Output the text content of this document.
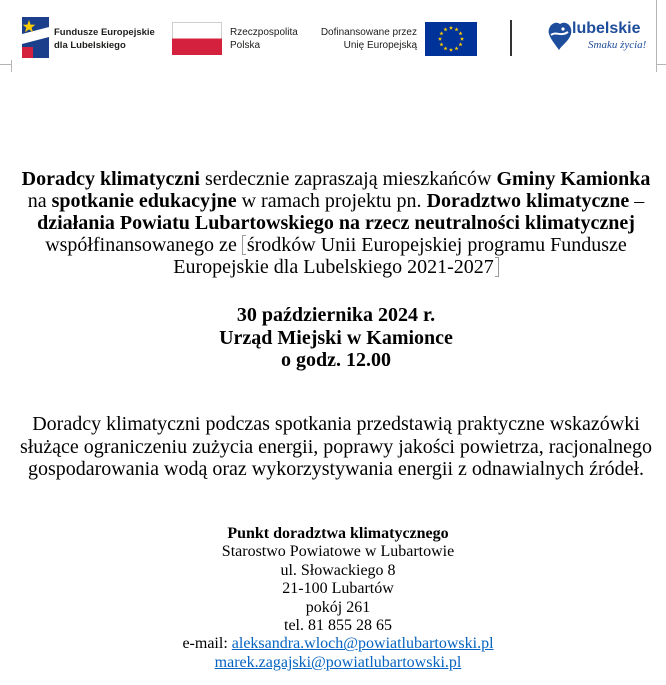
Fundusze Europejskie
dla Lubelskiego
Rzeczpospolita
Polska
Dofinansowane przez
Unię Europejską
lubelskie
Smaku życia!
Doradcy klimatyczni serdecznie zapraszają mieszkańców Gminy Kamionka
na spotkanie edukacyjne w ramach projektu pn. Doradztwo klimatyczne –
działania Powiatu Lubartowskiego na rzecz neutralności klimatycznej
współfinansowanego ze środków Unii Europejskiej programu Fundusze
Europejskie dla Lubelskiego 2021-2027
30 października 2024 r.
Urząd Miejski w Kamionce
o godz. 12.00
Doradcy klimatyczni podczas spotkania przedstawią praktyczne wskazówki
służące ograniczeniu zużycia energii, poprawy jakości powietrza, racjonalnego
gospodarowania wodą oraz wykorzystywania energii z odnawialnych źródeł.
Punkt doradztwa klimatycznego
Starostwo Powiatowe w Lubartowie
ul. Słowackiego 8
21-100 Lubartów
pokój 261
tel. 81 855 28 65
e-mail: aleksandra.wloch@powiatlubartowski.pl
marek.zagajski@powiatlubartowski.pl
